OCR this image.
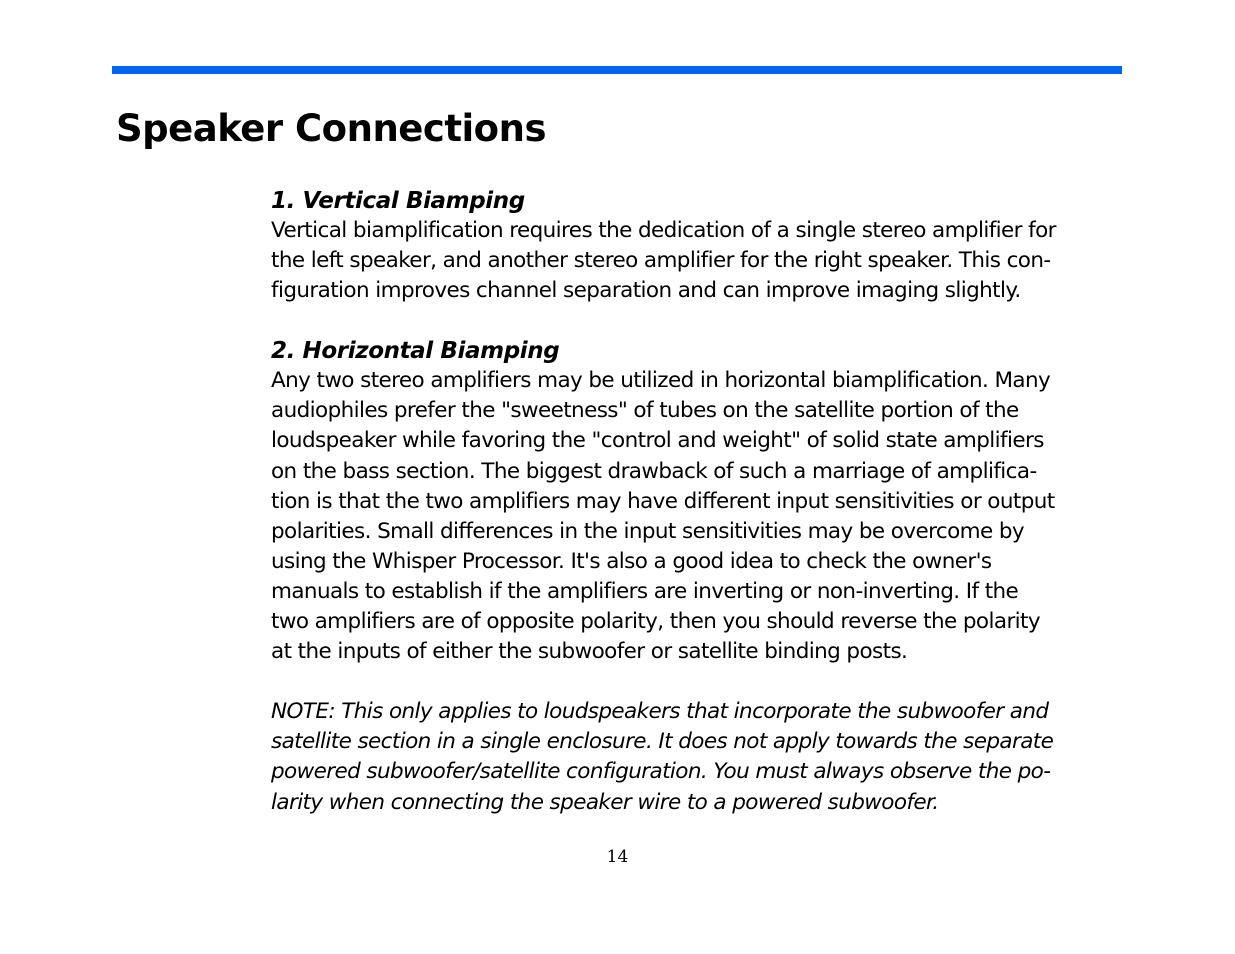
Speaker Connections
1. Vertical Biamping
Vertical biamplification requires the dedication of a single stereo amplifier for
the left speaker, and another stereo amplifier for the right speaker. This con-
figuration improves channel separation and can improve imaging slightly.
2. Horizontal Biamping
Any two stereo amplifiers may be utilized in horizontal biamplification. Many
audiophiles prefer the "sweetness" of tubes on the satellite portion of the
loudspeaker while favoring the "control and weight" of solid state amplifiers
on the bass section. The biggest drawback of such a marriage of amplifica-
tion is that the two amplifiers may have different input sensitivities or output
polarities. Small differences in the input sensitivities may be overcome by
using the Whisper Processor. It's also a good idea to check the owner's
manuals to establish if the amplifiers are inverting or non-inverting. If the
two amplifiers are of opposite polarity, then you should reverse the polarity
at the inputs of either the subwoofer or satellite binding posts.
NOTE: This only applies to loudspeakers that incorporate the subwoofer and
satellite section in a single enclosure. It does not apply towards the separate
powered subwoofer/satellite configuration. You must always observe the po-
larity when connecting the speaker wire to a powered subwoofer.
14
